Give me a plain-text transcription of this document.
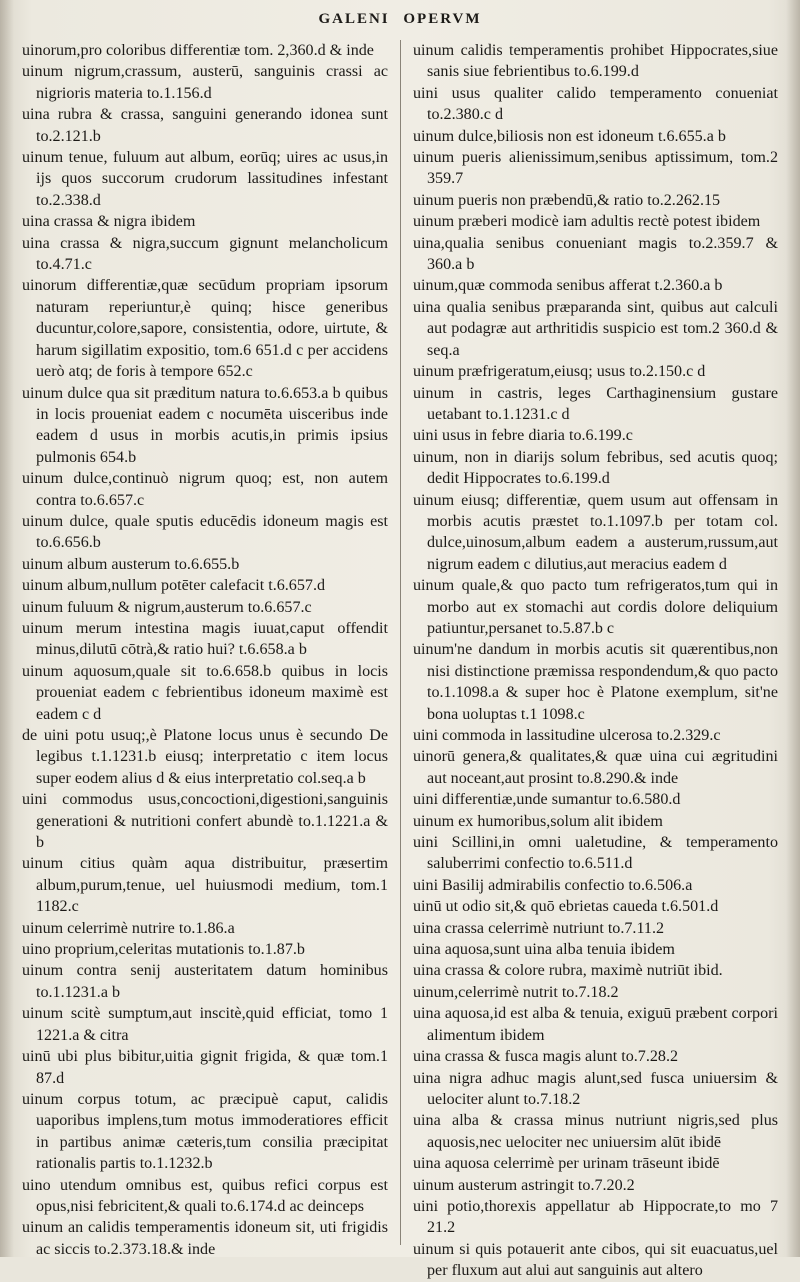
GALENI OPERVM

uinorum,pro coloribus differentiæ tom. 2,360.d & inde

uinum nigrum,crassum, austerū, sanguinis crassi ac nigrioris materia to.1.156.d

uina rubra & crassa, sanguini generando idonea sunt to.2.121.b

uinum tenue, fuluum aut album, eorūq; uires ac usus,in ijs quos succorum crudorum lassitudines infestant to.2.338.d

uina crassa & nigra ibidem

uina crassa & nigra,succum gignunt melancholicum to.4.71.c

uinorum differentiæ,quæ secūdum propriam ipsorum naturam reperiuntur,è quinq; hisce generibus ducuntur,colore,sapore, consistentia, odore, uirtute, & harum sigillatim expositio, tom.6 651.d c per accidens uerò atq; de foris à tempore 652.c

uinum dulce qua sit præditum natura to.6.653.a b quibus in locis proueniat eadem c nocumēta uisceribus inde eadem d usus in morbis acutis,in primis ipsius pulmonis 654.b

uinum dulce,continuò nigrum quoq; est, non autem contra to.6.657.c

uinum dulce, quale sputis educēdis idoneum magis est to.6.656.b

uinum album austerum to.6.655.b

uinum album,nullum potēter calefacit t.6.657.d

uinum fuluum & nigrum,austerum to.6.657.c

uinum merum intestina magis iuuat,caput offendit minus,dilutū cōtrà,& ratio hui? t.6.658.a b

uinum aquosum,quale sit to.6.658.b quibus in locis proueniat eadem c febrientibus idoneum maximè est eadem c d

de uini potu usuq;,è Platone locus unus è secundo De legibus t.1.1231.b eiusq; interpretatio c item locus super eodem alius d & eius interpretatio col.seq.a b

uini commodus usus,concoctioni,digestioni,sanguinis generationi & nutritioni confert abundè to.1.1221.a & b

uinum citius quàm aqua distribuitur, præsertim album,purum,tenue, uel huiusmodi medium, tom.1 1182.c

uinum celerrimè nutrire to.1.86.a

uino proprium,celeritas mutationis to.1.87.b

uinum contra senij austeritatem datum hominibus to.1.1231.a b

uinum scitè sumptum,aut inscitè,quid efficiat, tomo 1 1221.a & citra

uinū ubi plus bibitur,uitia gignit frigida, & quæ tom.1 87.d

uinum corpus totum, ac præcipuè caput, calidis uaporibus implens,tum motus immoderatiores efficit in partibus animæ cæteris,tum consilia præcipitat rationalis partis to.1.1232.b

uino utendum omnibus est, quibus refici corpus est opus,nisi febricitent,& quali to.6.174.d ac deinceps

uinum an calidis temperamentis idoneum sit, uti frigidis ac siccis to.2.373.18.& inde

uinum calidis temperamentis prohibet Hippocrates,siue sanis siue febrientibus to.6.199.d

uini usus qualiter calido temperamento conueniat to.2.380.c d

uinum dulce,biliosis non est idoneum t.6.655.a b

uinum pueris alienissimum,senibus aptissimum, tom.2 359.7

uinum pueris non præbendū,& ratio to.2.262.15

uinum præberi modicè iam adultis rectè potest ibidem

uina,qualia senibus conueniant magis to.2.359.7 & 360.a b

uinum,quæ commoda senibus afferat t.2.360.a b

uina qualia senibus præparanda sint, quibus aut calculi aut podagræ aut arthritidis suspicio est tom.2 360.d & seq.a

uinum præfrigeratum,eiusq; usus to.2.150.c d

uinum in castris, leges Carthaginensium gustare uetabant to.1.1231.c d

uini usus in febre diaria to.6.199.c

uinum, non in diarijs solum febribus, sed acutis quoq; dedit Hippocrates to.6.199.d

uinum eiusq; differentiæ, quem usum aut offensam in morbis acutis præstet to.1.1097.b per totam col. dulce,uinosum,album eadem a austerum,russum,aut nigrum eadem c dilutius,aut meracius eadem d

uinum quale,& quo pacto tum refrigeratos,tum qui in morbo aut ex stomachi aut cordis dolore deliquium patiuntur,persanet to.5.87.b c

uinum'ne dandum in morbis acutis sit quærentibus,non nisi distinctione præmissa respondendum,& quo pacto to.1.1098.a & super hoc è Platone exemplum, sit'ne bona uoluptas t.1 1098.c

uini commoda in lassitudine ulcerosa to.2.329.c

uinorū genera,& qualitates,& quæ uina cui ægritudini aut noceant,aut prosint to.8.290.& inde

uini differentiæ,unde sumantur to.6.580.d

uinum ex humoribus,solum alit ibidem

uini Scillini,in omni ualetudine, & temperamento saluberrimi confectio to.6.511.d

uini Basilij admirabilis confectio to.6.506.a

uinū ut odio sit,& quō ebrietas caueda t.6.501.d

uina crassa celerrimè nutriunt to.7.11.2

uina aquosa,sunt uina alba tenuia ibidem

uina crassa & colore rubra, maximè nutriūt ibid.

uinum,celerrimè nutrit to.7.18.2

uina aquosa,id est alba & tenuia, exiguū præbent corpori alimentum ibidem

uina crassa & fusca magis alunt to.7.28.2

uina nigra adhuc magis alunt,sed fusca uniuersim & uelociter alunt to.7.18.2

uina alba & crassa minus nutriunt nigris,sed plus aquosis,nec uelociter nec uniuersim alūt ibidē

uina aquosa celerrimè per urinam trāseunt ibidē

uinum austerum astringit to.7.20.2

uini potio,thorexis appellatur ab Hippocrate,to mo 7 21.2

uinum si quis potauerit ante cibos, qui sit euacuatus,uel per fluxum aut alui aut sanguinis aut altero
